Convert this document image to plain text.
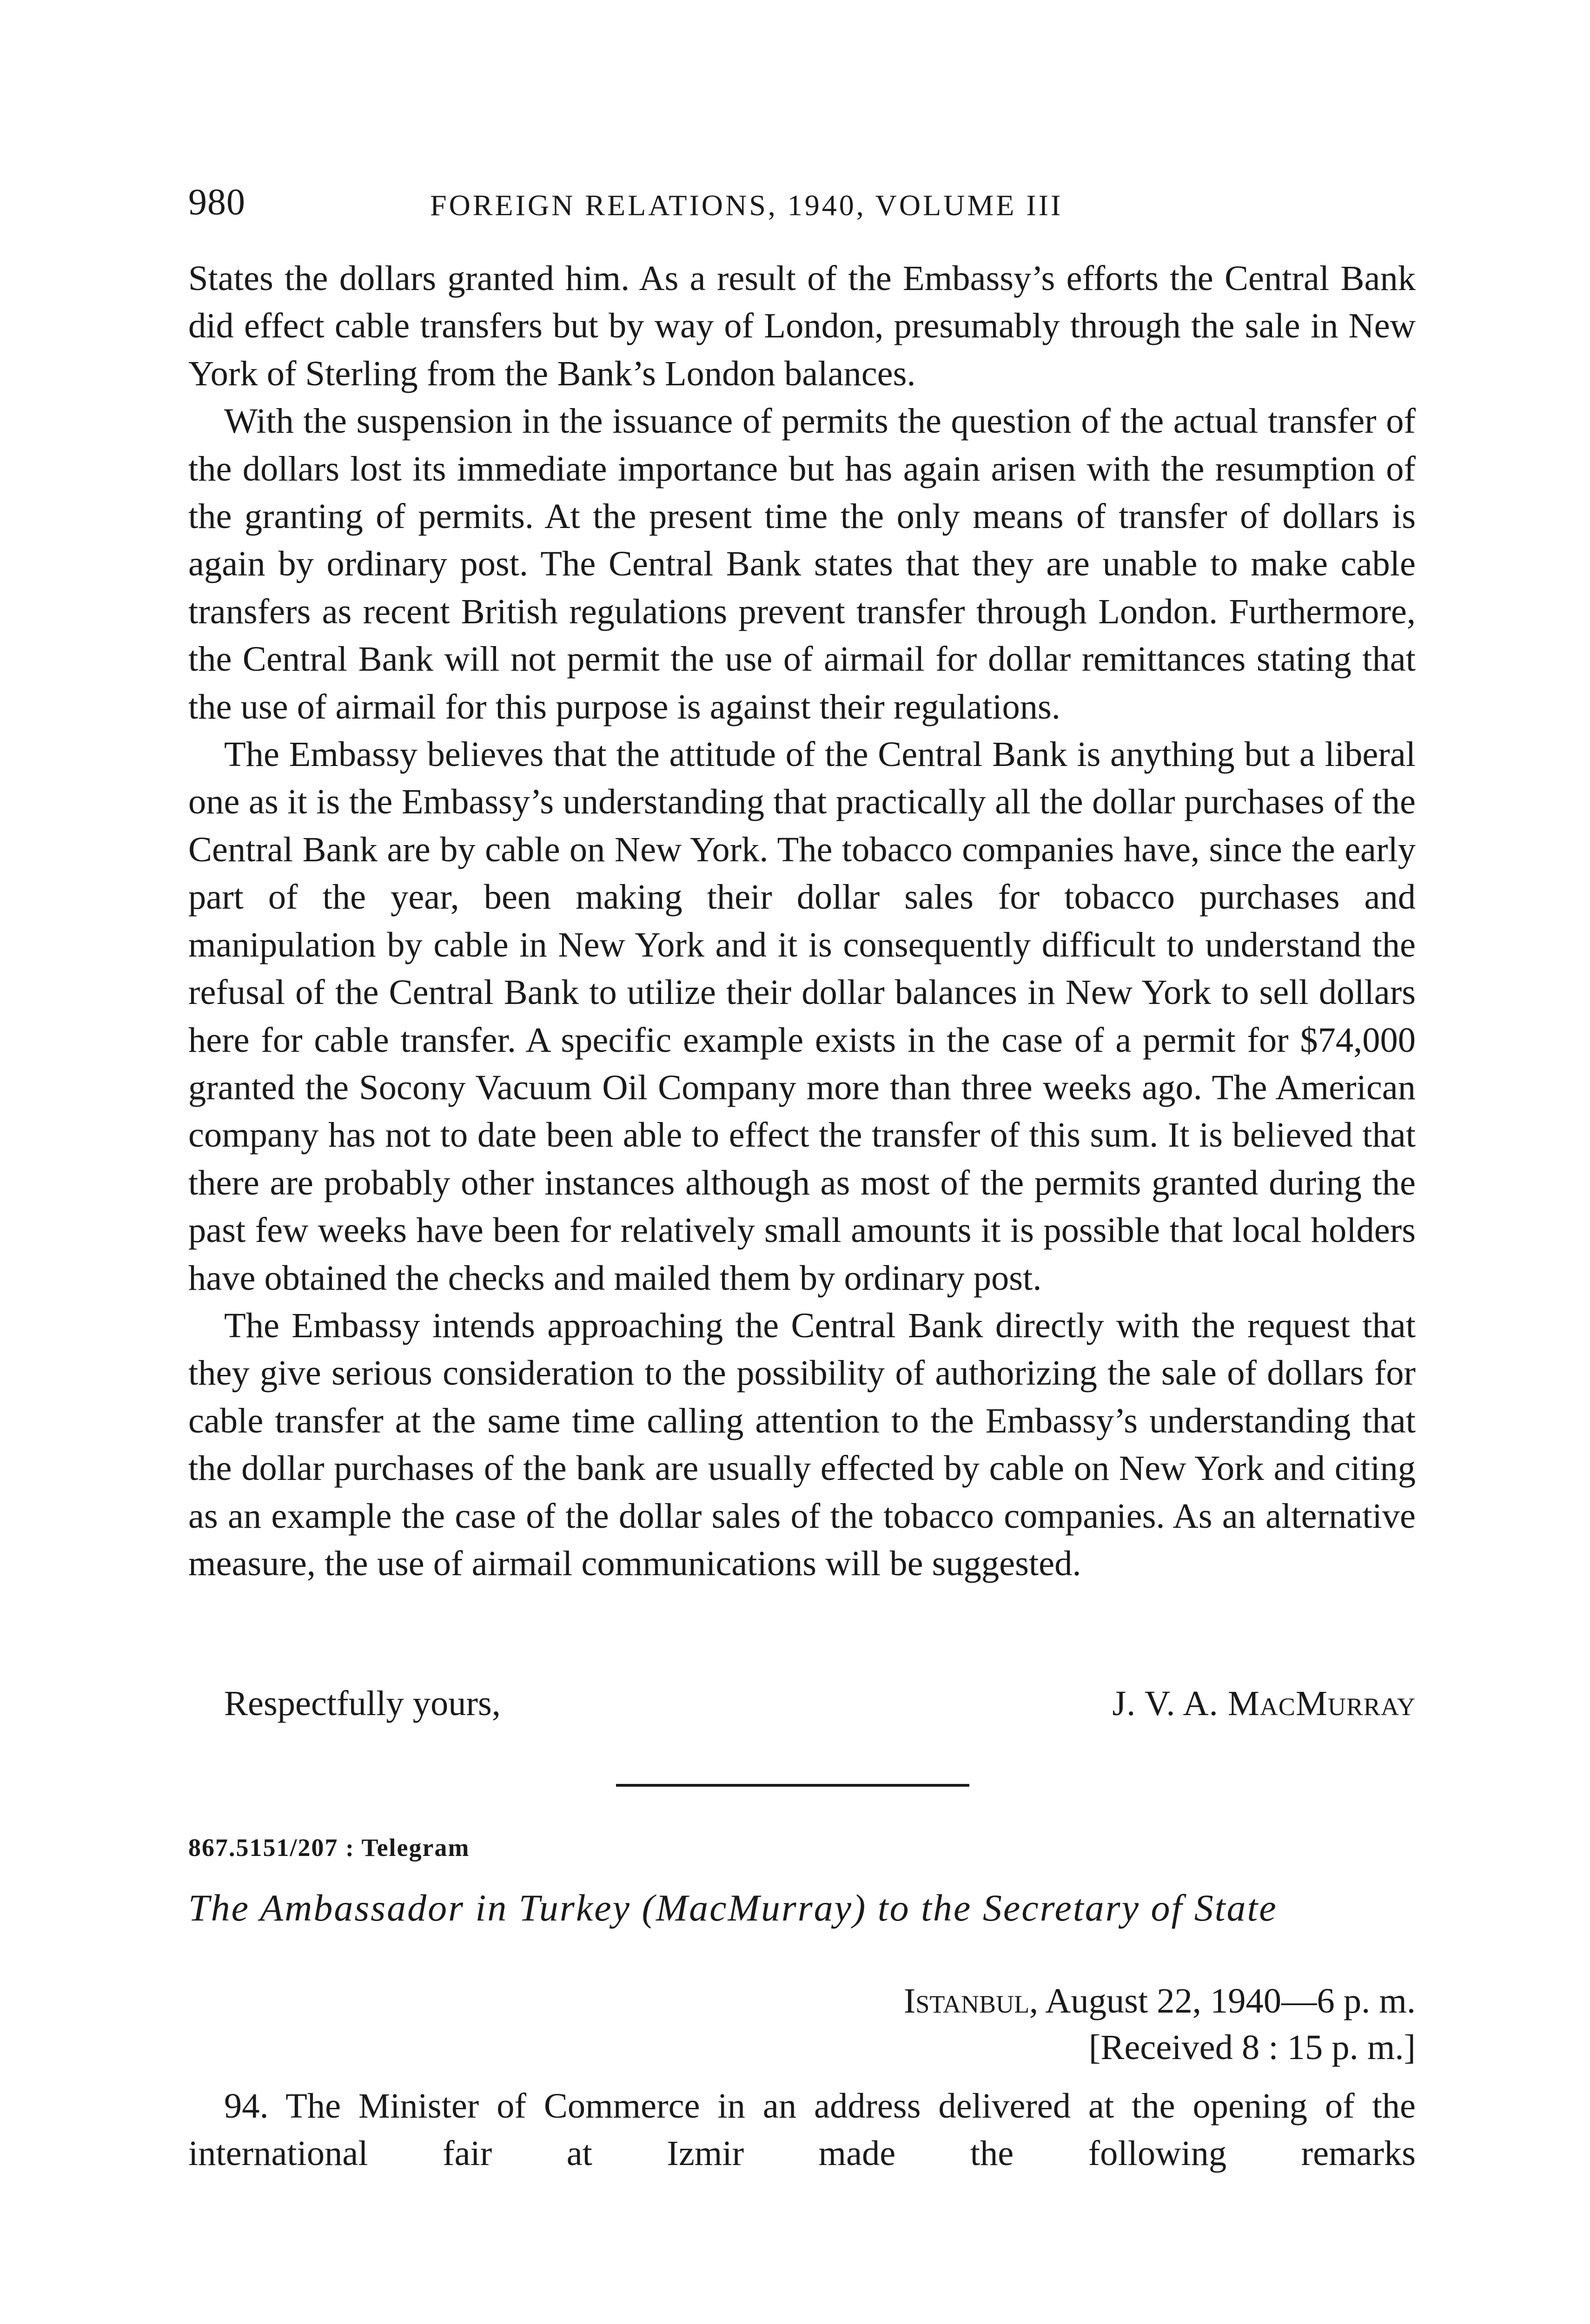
980	FOREIGN RELATIONS, 1940, VOLUME III

States the dollars granted him. As a result of the Embassy’s efforts the Central Bank did effect cable transfers but by way of London, presumably through the sale in New York of Sterling from the Bank’s London balances.

With the suspension in the issuance of permits the question of the actual transfer of the dollars lost its immediate importance but has again arisen with the resumption of the granting of permits. At the present time the only means of transfer of dollars is again by ordinary post. The Central Bank states that they are unable to make cable transfers as recent British regulations prevent transfer through London. Furthermore, the Central Bank will not permit the use of airmail for dollar remittances stating that the use of airmail for this purpose is against their regulations.

The Embassy believes that the attitude of the Central Bank is anything but a liberal one as it is the Embassy’s understanding that practically all the dollar purchases of the Central Bank are by cable on New York. The tobacco companies have, since the early part of the year, been making their dollar sales for tobacco purchases and manipulation by cable in New York and it is consequently difficult to understand the refusal of the Central Bank to utilize their dollar balances in New York to sell dollars here for cable transfer. A specific example exists in the case of a permit for $74,000 granted the Socony Vacuum Oil Company more than three weeks ago. The American company has not to date been able to effect the transfer of this sum. It is believed that there are probably other instances although as most of the permits granted during the past few weeks have been for relatively small amounts it is possible that local holders have obtained the checks and mailed them by ordinary post.

The Embassy intends approaching the Central Bank directly with the request that they give serious consideration to the possibility of authorizing the sale of dollars for cable transfer at the same time calling attention to the Embassy’s understanding that the dollar purchases of the bank are usually effected by cable on New York and citing as an example the case of the dollar sales of the tobacco companies. As an alternative measure, the use of airmail communications will be suggested.

Respectfully yours,	J. V. A. MacMurray
867.5151/207 : Telegram
The Ambassador in Turkey (MacMurray) to the Secretary of State
Istanbul, August 22, 1940—6 p. m.
[Received 8 : 15 p. m.]

94. The Minister of Commerce in an address delivered at the opening of the international fair at Izmir made the following remarks
